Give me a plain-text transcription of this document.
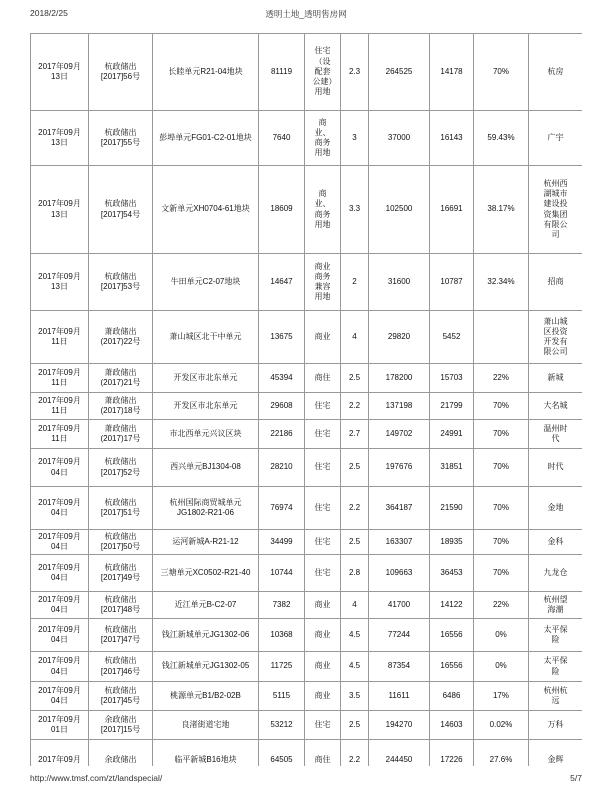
2018/2/25	透明土地_透明售房网
2017年09月13日	杭政储出[2017]56号	长睦单元R21-04地块	81119	住宅（设配套公建）用地	2.3	264525	14178	70%	杭房
2017年09月13日	杭政储出[2017]55号	彭埠单元FG01-C2-01地块	7640	商业、商务用地	3	37000	16143	59.43%	广宇
2017年09月13日	杭政储出[2017]54号	文新单元XH0704-61地块	18609	商业、商务用地	3.3	102500	16691	38.17%	杭州西湖城市建设投资集团有限公司
2017年09月13日	杭政储出[2017]53号	牛田单元C2-07地块	14647	商业商务兼容用地	2	31600	10787	32.34%	招商
2017年09月11日	萧政储出(2017)22号	萧山城区北干中单元	13675	商业	4	29820	5452		萧山城区投资开发有限公司
2017年09月11日	萧政储出(2017)21号	开发区市北东单元	45394	商住	2.5	178200	15703	22%	新城
2017年09月11日	萧政储出(2017)18号	开发区市北东单元	29608	住宅	2.2	137198	21799	70%	大名城
2017年09月11日	萧政储出(2017)17号	市北西单元兴议区块	22186	住宅	2.7	149702	24991	70%	温州时代
2017年09月04日	杭政储出[2017]52号	西兴单元BJ1304-08	28210	住宅	2.5	197676	31851	70%	时代
2017年09月04日	杭政储出[2017]51号	杭州国际商贸城单元JG1802-R21-06	76974	住宅	2.2	364187	21590	70%	金地
2017年09月04日	杭政储出[2017]50号	运河新城A-R21-12	34499	住宅	2.5	163307	18935	70%	金科
2017年09月04日	杭政储出[2017]49号	三塘单元XC0502-R21-40	10744	住宅	2.8	109663	36453	70%	九龙仓
2017年09月04日	杭政储出[2017]48号	近江单元B-C2-07	7382	商业	4	41700	14122	22%	杭州望海潮
2017年09月04日	杭政储出[2017]47号	钱江新城单元JG1302-06	10368	商业	4.5	77244	16556	0%	太平保险
2017年09月04日	杭政储出[2017]46号	钱江新城单元JG1302-05	11725	商业	4.5	87354	16556	0%	太平保险
2017年09月04日	杭政储出[2017]45号	桃源单元B1/B2-02B	5115	商业	3.5	11611	6486	17%	杭州杭远
2017年09月01日	余政储出[2017]15号	良渚街道宅地	53212	住宅	2.5	194270	14603	0.02%	万科
2017年09月	余政储出	临平新城B16地块	64505	商住	2.2	244450	17226	27.6%	金辉
http://www.tmsf.com/zt/landspecial/	5/7
